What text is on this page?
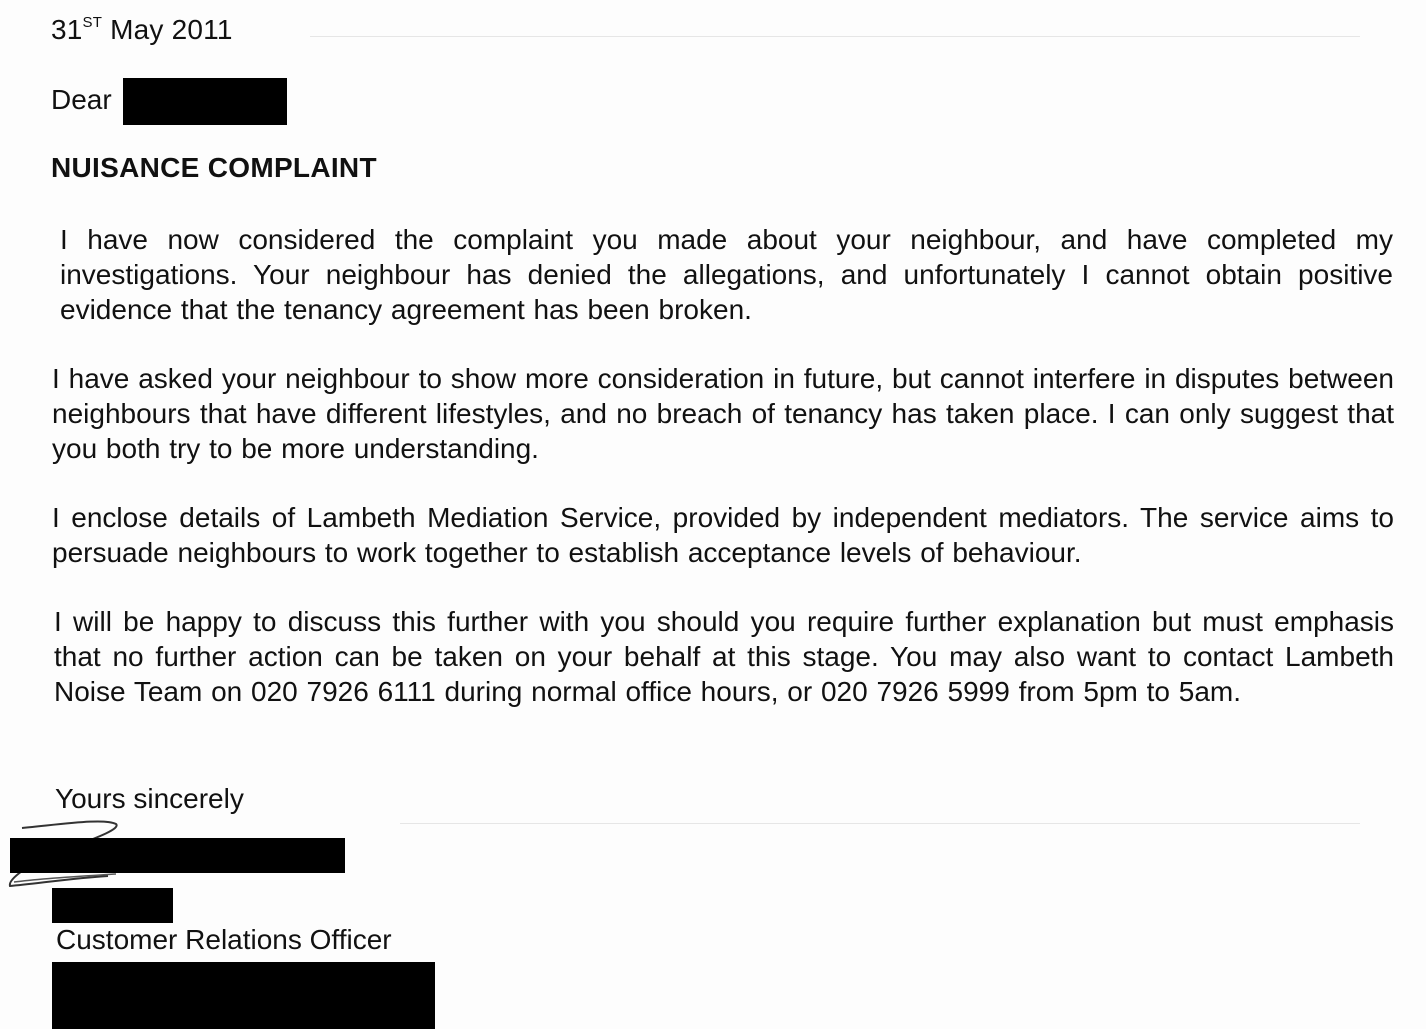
31ST May 2011
Dear
NUISANCE COMPLAINT
I have now considered the complaint you made about your neighbour, and have completed my investigations. Your neighbour has denied the allegations, and unfortunately I cannot obtain positive evidence that the tenancy agreement has been broken.
I have asked your neighbour to show more consideration in future, but cannot interfere in disputes between neighbours that have different lifestyles, and no breach of tenancy has taken place. I can only suggest that you both try to be more understanding.
I enclose details of Lambeth Mediation Service, provided by independent mediators. The service aims to persuade neighbours to work together to establish acceptance levels of behaviour.
I will be happy to discuss this further with you should you require further explanation but must emphasis that no further action can be taken on your behalf at this stage. You may also want to contact Lambeth Noise Team on 020 7926 6111 during normal office hours, or 020 7926 5999 from 5pm to 5am.
Yours sincerely
Customer Relations Officer
